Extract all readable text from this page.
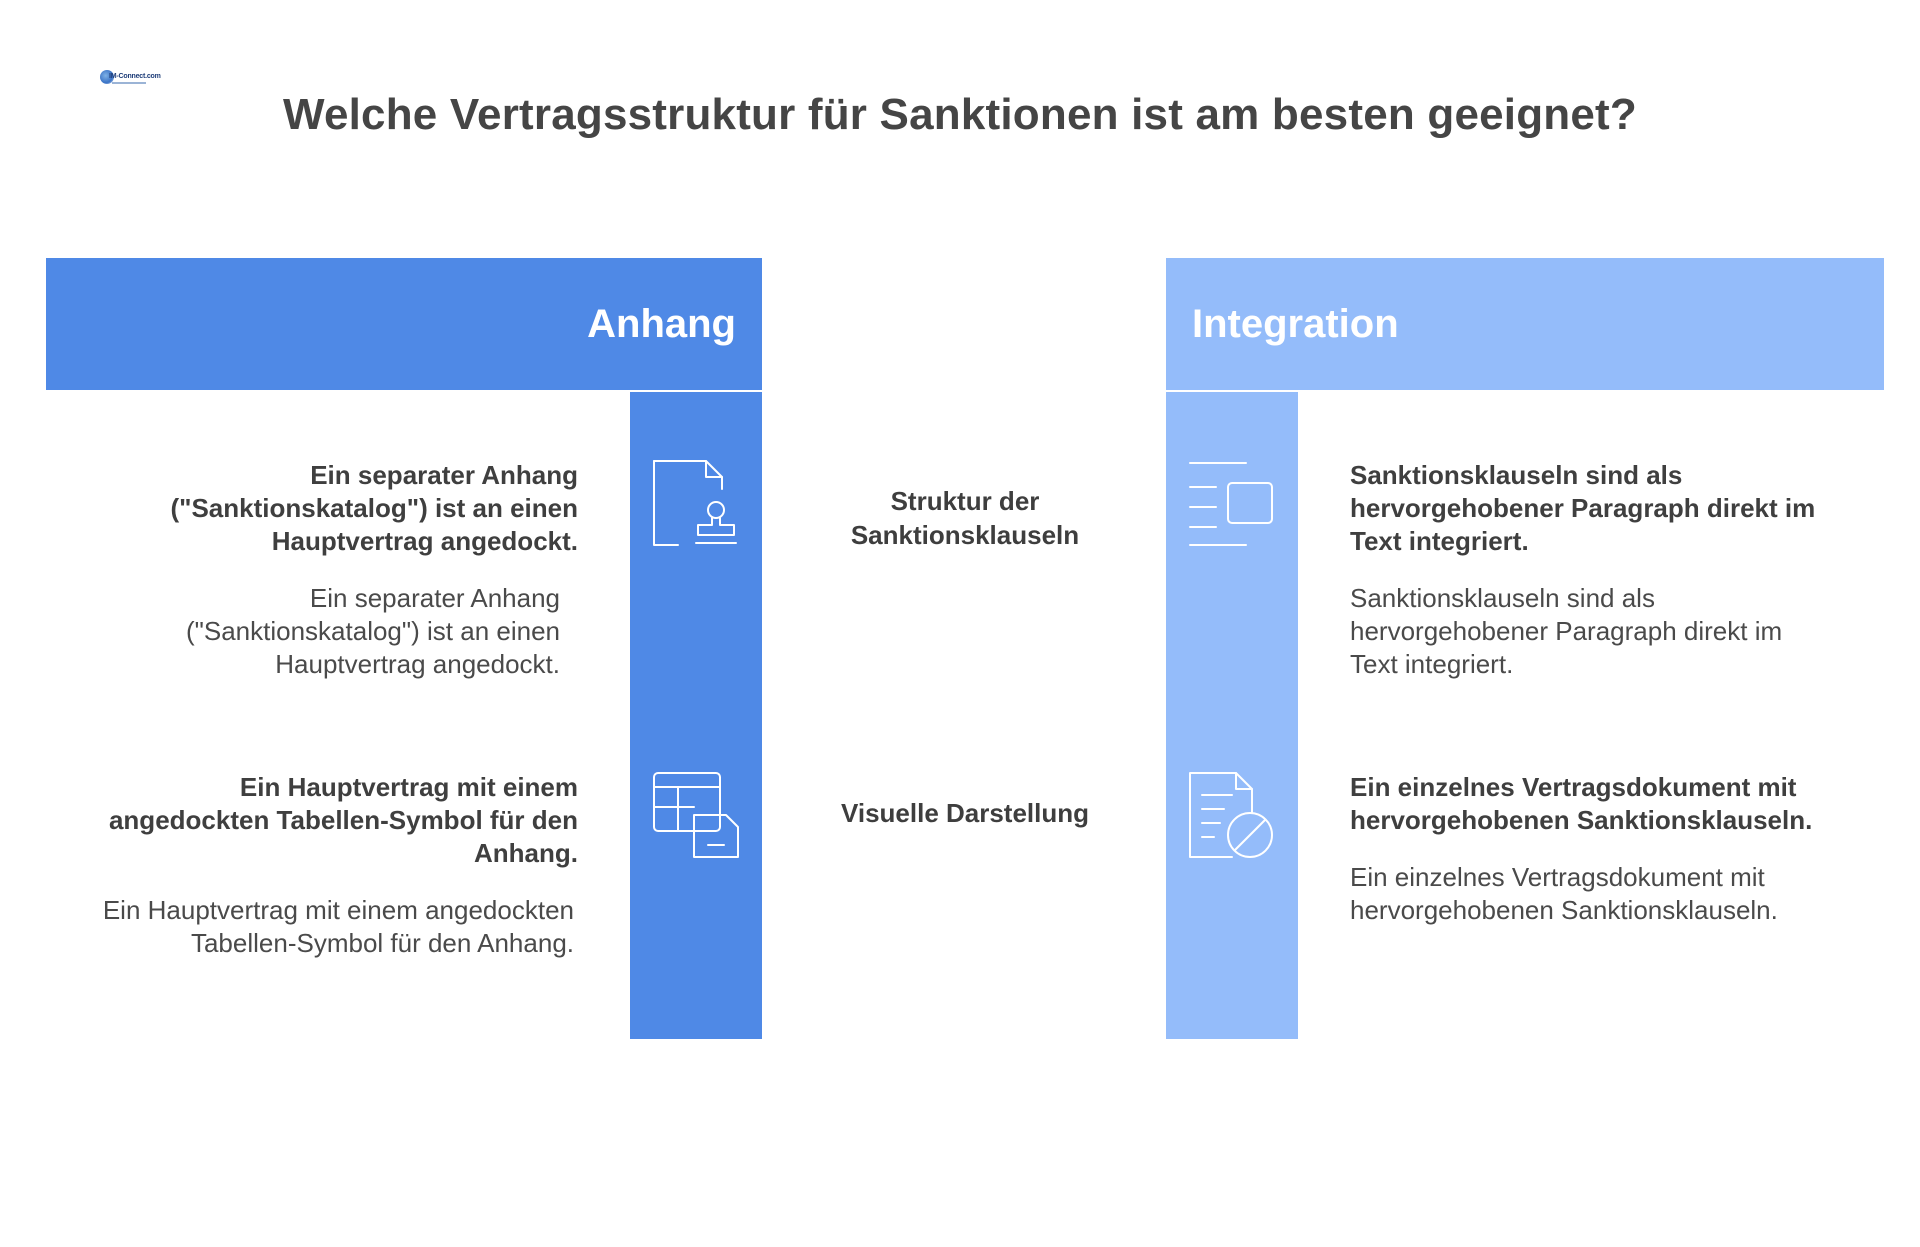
IM-Connect.com
Welche Vertragsstruktur für Sanktionen ist am besten geeignet?
Anhang	Integration
Struktur der Sanktionsklauseln
Visuelle Darstellung
Ein separater Anhang ("Sanktionskatalog") ist an einen Hauptvertrag angedockt.
Ein separater Anhang ("Sanktionskatalog") ist an einen Hauptvertrag angedockt.
Ein Hauptvertrag mit einem angedockten Tabellen-Symbol für den Anhang.
Ein Hauptvertrag mit einem angedockten Tabellen-Symbol für den Anhang.
Sanktionsklauseln sind als hervorgehobener Paragraph direkt im Text integriert.
Sanktionsklauseln sind als hervorgehobener Paragraph direkt im Text integriert.
Ein einzelnes Vertragsdokument mit hervorgehobenen Sanktionsklauseln.
Ein einzelnes Vertragsdokument mit hervorgehobenen Sanktionsklauseln.
